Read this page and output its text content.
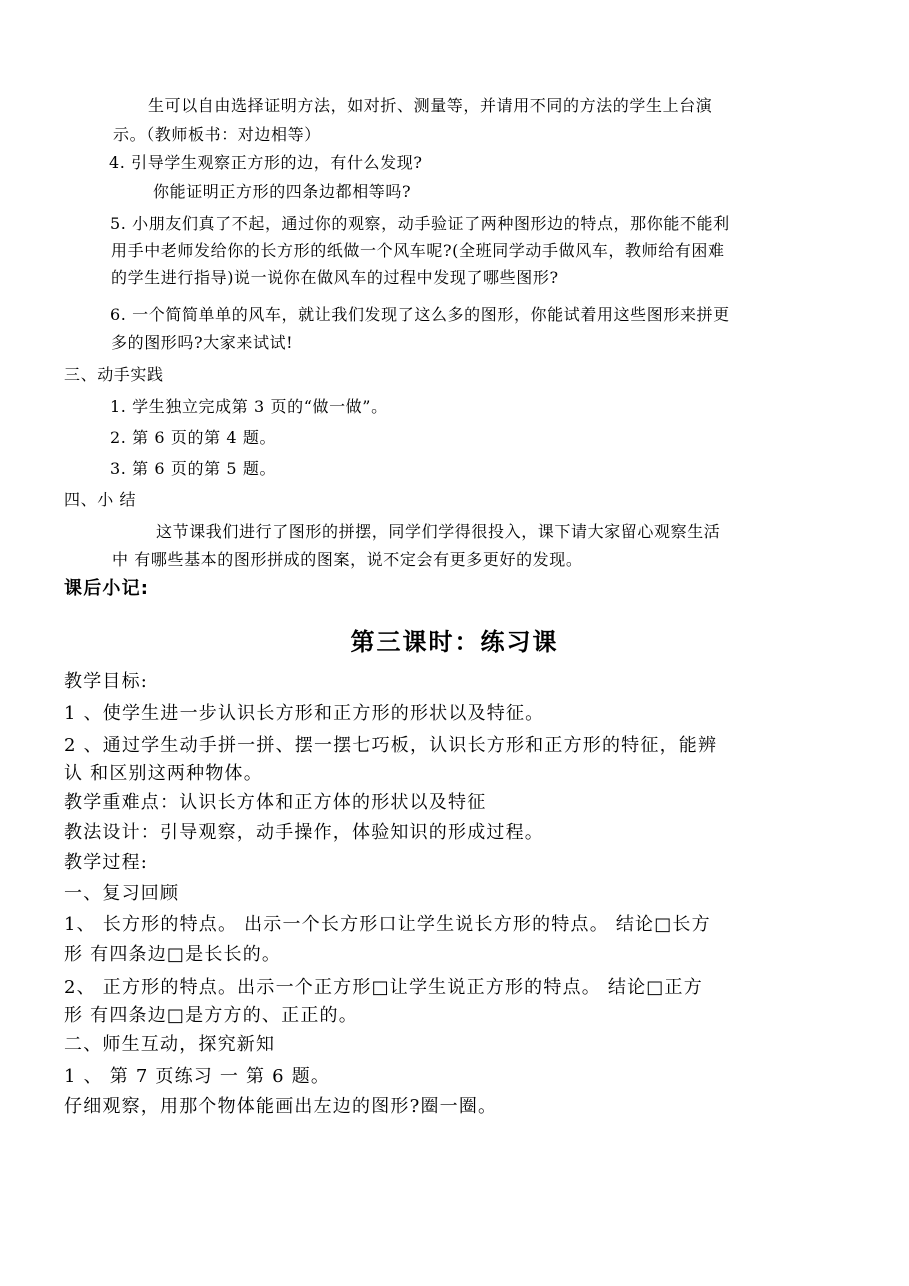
生可以自由选择证明方法，如对折、测量等，并请用不同的方法的学生上台演
示。（教师板书：对边相等）
4. 引导学生观察正方形的边，有什么发现?
你能证明正方形的四条边都相等吗?
5. 小朋友们真了不起，通过你的观察，动手验证了两种图形边的特点，那你能不能利
用手中老师发给你的长方形的纸做一个风车呢?(全班同学动手做风车，教师给有困难
的学生进行指导)说一说你在做风车的过程中发现了哪些图形?
6. 一个简简单单的风车，就让我们发现了这么多的图形，你能试着用这些图形来拼更
多的图形吗?大家来试试!
三、动手实践
1. 学生独立完成第 3 页的“做一做”。
2. 第 6 页的第 4 题。
3. 第 6 页的第 5 题。
四、小 结
这节课我们进行了图形的拼摆，同学们学得很投入，课下请大家留心观察生活
中 有哪些基本的图形拼成的图案，说不定会有更多更好的发现。
课后小记:
第三课时：练习课
教学目标:
1 、使学生进一步认识长方形和正方形的形状以及特征。
2 、通过学生动手拼一拼、摆一摆七巧板，认识长方形和正方形的特征，能辨
认 和区别这两种物体。
教学重难点：认识长方体和正方体的形状以及特征
教法设计：引导观察，动手操作，体验知识的形成过程。
教学过程:
一、复习回顾
1、 长方形的特点。 出示一个长方形口让学生说长方形的特点。 结论□长方
形 有四条边□是长长的。
2、 正方形的特点。出示一个正方形□让学生说正方形的特点。 结论□正方
形 有四条边□是方方的、正正的。
二、师生互动，探究新知
1 、 第 7 页练习 一 第 6 题。
仔细观察，用那个物体能画出左边的图形?圈一圈。
